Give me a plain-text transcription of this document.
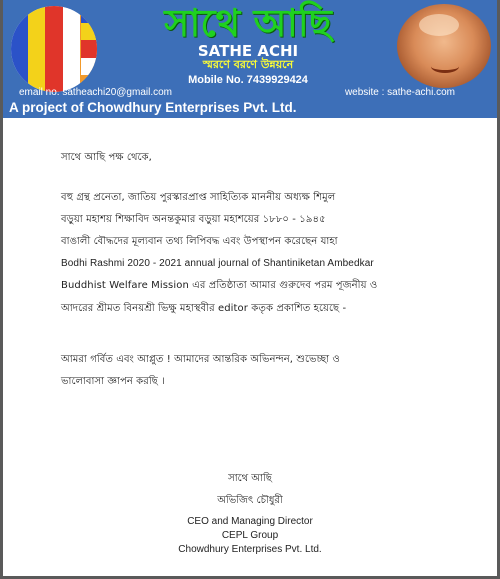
সাথে আছি
SATHE ACHI
স্মরণে বরণে উন্নয়নে
Mobile No. 7439929424
email no. satheachi20@gmail.com	website : sathe-achi.com
A project of Chowdhury Enterprises Pvt. Ltd.
সাথে আছি পক্ষ থেকে,
বহু গ্রন্থ প্রনেতা, জাতিয় পুরস্কারপ্রাপ্ত সাহিত্যিক মাননীয় অধ্যক্ষ শিমুল
বড়ুয়া মহাশয় শিক্ষাবিদ অনন্তকুমার বড়ুয়া মহাশয়ের ১৮৮০ - ১৯৪৫
বাঙালী বৌদ্ধদের মূল্যবান তথ্য লিপিবদ্ধ এবং উপস্থাপন করেছেন যাহা
Bodhi Rashmi 2020 - 2021 annual journal of Shantiniketan Ambedkar
Buddhist Welfare Mission এর প্রতিষ্ঠাতা আমার গুরুদেব পরম পূজনীয় ও
আদরের শ্রীমত বিনয়শ্রী ভিক্ষু মহাস্থবীর editor কতৃক প্রকাশিত হয়েছে -
আমরা গর্বিত এবং আপ্লুত ! আমাদের আন্তরিক অভিনন্দন, শুভেচ্ছা ও
ভালোবাসা জ্ঞাপন করছি ।
সাথে আছি
অভিজিৎ চৌধুরী
CEO and Managing Director
CEPL Group
Chowdhury Enterprises Pvt. Ltd.
